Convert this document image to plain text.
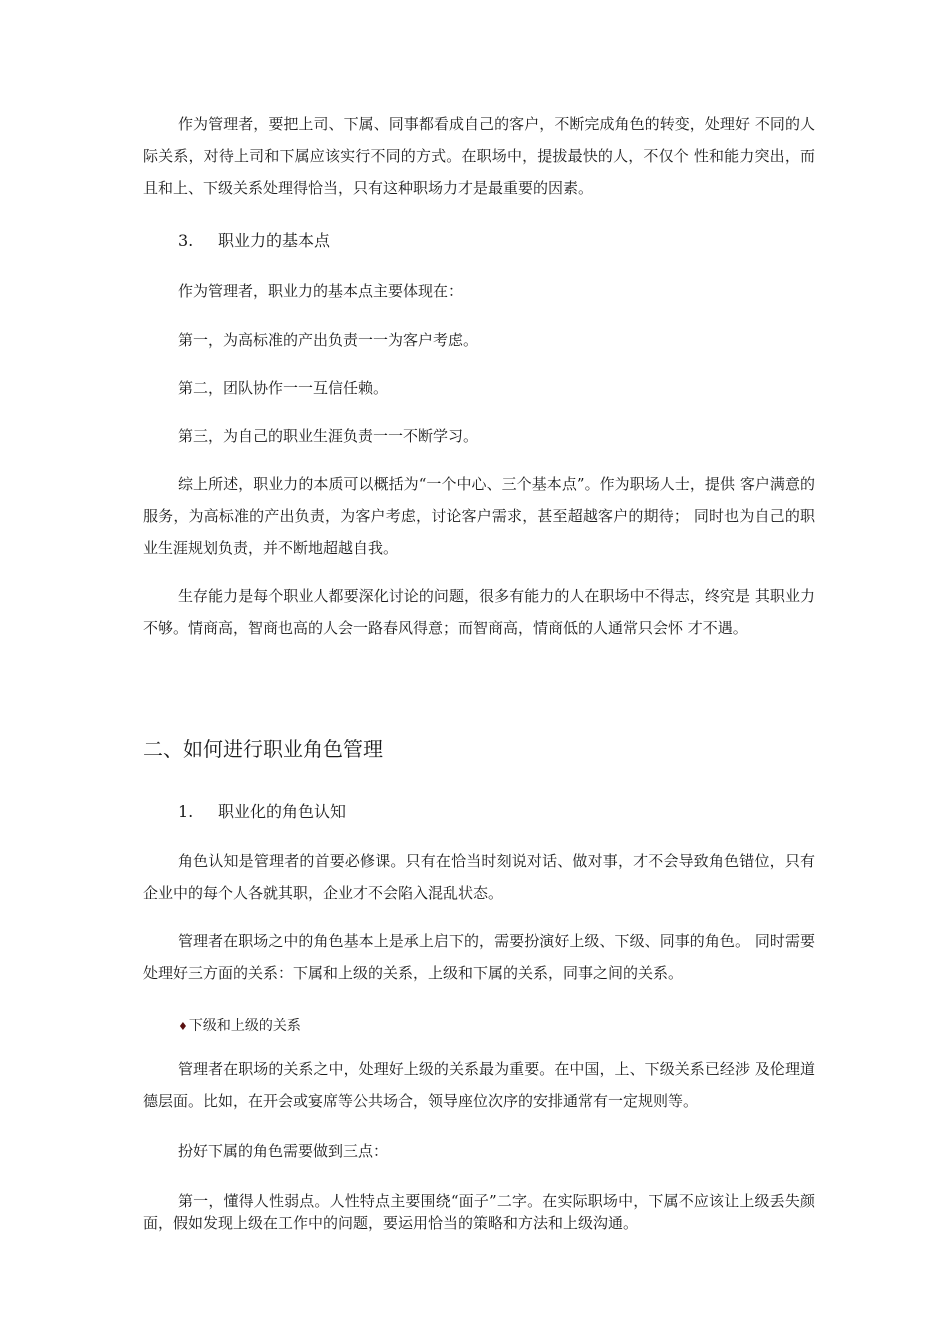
作为管理者，要把上司、下属、同事都看成自己的客户，不断完成角色的转变，处理好 不同的人际关系，对待上司和下属应该实行不同的方式。在职场中，提拔最快的人，不仅个 性和能力突出，而且和上、下级关系处理得恰当，只有这种职场力才是最重要的因素。

3. 职业力的基本点

作为管理者，职业力的基本点主要体现在：

第一，为高标准的产出负责一一为客户考虑。

第二，团队协作一一互信任赖。

第三，为自己的职业生涯负责一一不断学习。

综上所述，职业力的本质可以概括为“一个中心、三个基本点”。作为职场人士，提供 客户满意的服务，为高标准的产出负责，为客户考虑，讨论客户需求，甚至超越客户的期待； 同时也为自己的职业生涯规划负责，并不断地超越自我。

生存能力是每个职业人都要深化讨论的问题，很多有能力的人在职场中不得志，终究是 其职业力不够。情商高，智商也高的人会一路春风得意；而智商高，情商低的人通常只会怀 才不遇。

二、如何进行职业角色管理

1. 职业化的角色认知

角色认知是管理者的首要必修课。只有在恰当时刻说对话、做对事，才不会导致角色错位，只有企业中的每个人各就其职，企业才不会陷入混乱状态。

管理者在职场之中的角色基本上是承上启下的，需要扮演好上级、下级、同事的角色。 同时需要处理好三方面的关系：下属和上级的关系，上级和下属的关系，同事之间的关系。

♦下级和上级的关系

管理者在职场的关系之中，处理好上级的关系最为重要。在中国，上、下级关系已经涉 及伦理道德层面。比如，在开会或宴席等公共场合，领导座位次序的安排通常有一定规则等。

扮好下属的角色需要做到三点：

第一，懂得人性弱点。人性特点主要围绕“面子”二字。在实际职场中，下属不应该让上级丢失颜面，假如发现上级在工作中的问题，要运用恰当的策略和方法和上级沟通。
